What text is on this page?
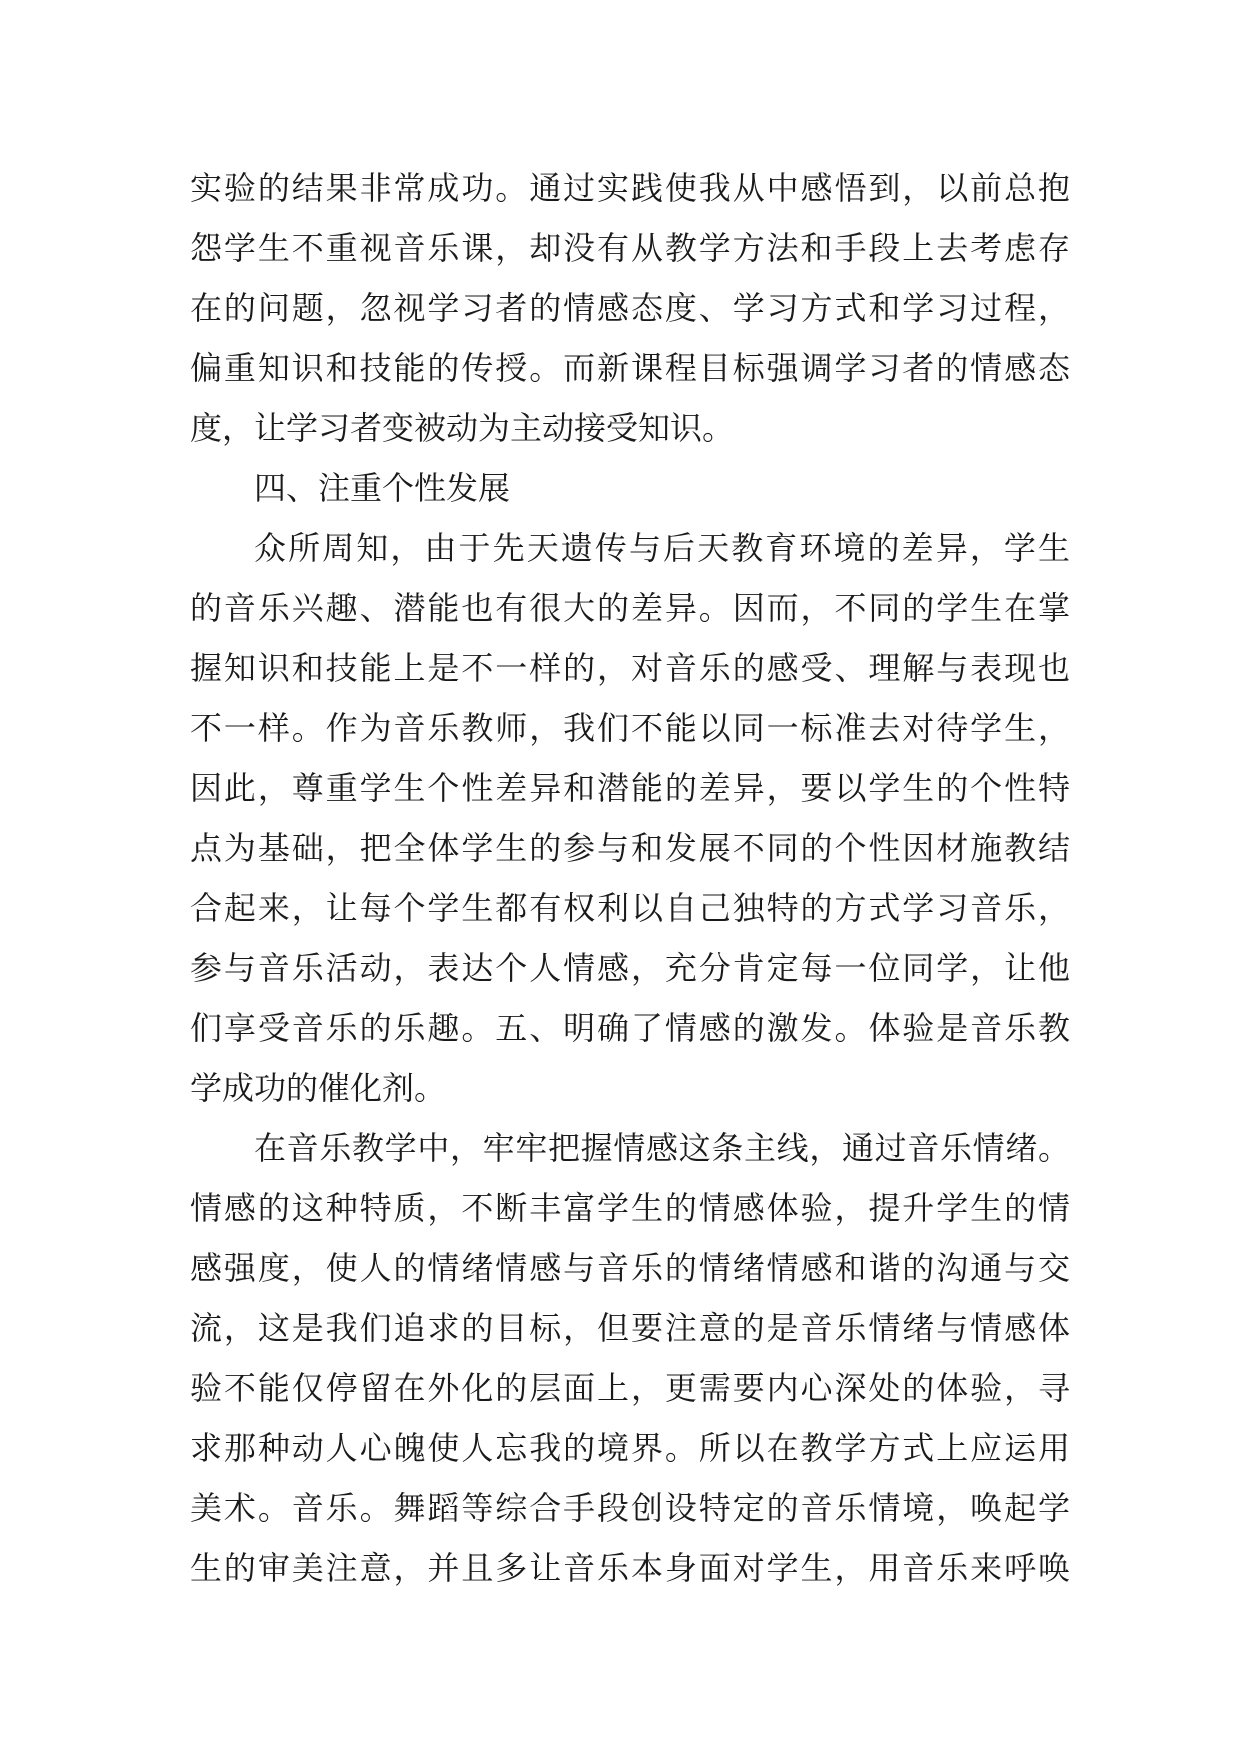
实验的结果非常成功。通过实践使我从中感悟到，以前总抱
怨学生不重视音乐课，却没有从教学方法和手段上去考虑存
在的问题，忽视学习者的情感态度、学习方式和学习过程，
偏重知识和技能的传授。而新课程目标强调学习者的情感态
度，让学习者变被动为主动接受知识。
四、注重个性发展
众所周知，由于先天遗传与后天教育环境的差异，学生
的音乐兴趣、潜能也有很大的差异。因而，不同的学生在掌
握知识和技能上是不一样的，对音乐的感受、理解与表现也
不一样。作为音乐教师，我们不能以同一标准去对待学生，
因此，尊重学生个性差异和潜能的差异，要以学生的个性特
点为基础，把全体学生的参与和发展不同的个性因材施教结
合起来，让每个学生都有权利以自己独特的方式学习音乐，
参与音乐活动，表达个人情感，充分肯定每一位同学，让他
们享受音乐的乐趣。五、明确了情感的激发。体验是音乐教
学成功的催化剂。
在音乐教学中，牢牢把握情感这条主线，通过音乐情绪。
情感的这种特质，不断丰富学生的情感体验，提升学生的情
感强度，使人的情绪情感与音乐的情绪情感和谐的沟通与交
流，这是我们追求的目标，但要注意的是音乐情绪与情感体
验不能仅停留在外化的层面上，更需要内心深处的体验，寻
求那种动人心魄使人忘我的境界。所以在教学方式上应运用
美术。音乐。舞蹈等综合手段创设特定的音乐情境，唤起学
生的审美注意，并且多让音乐本身面对学生，用音乐来呼唤
